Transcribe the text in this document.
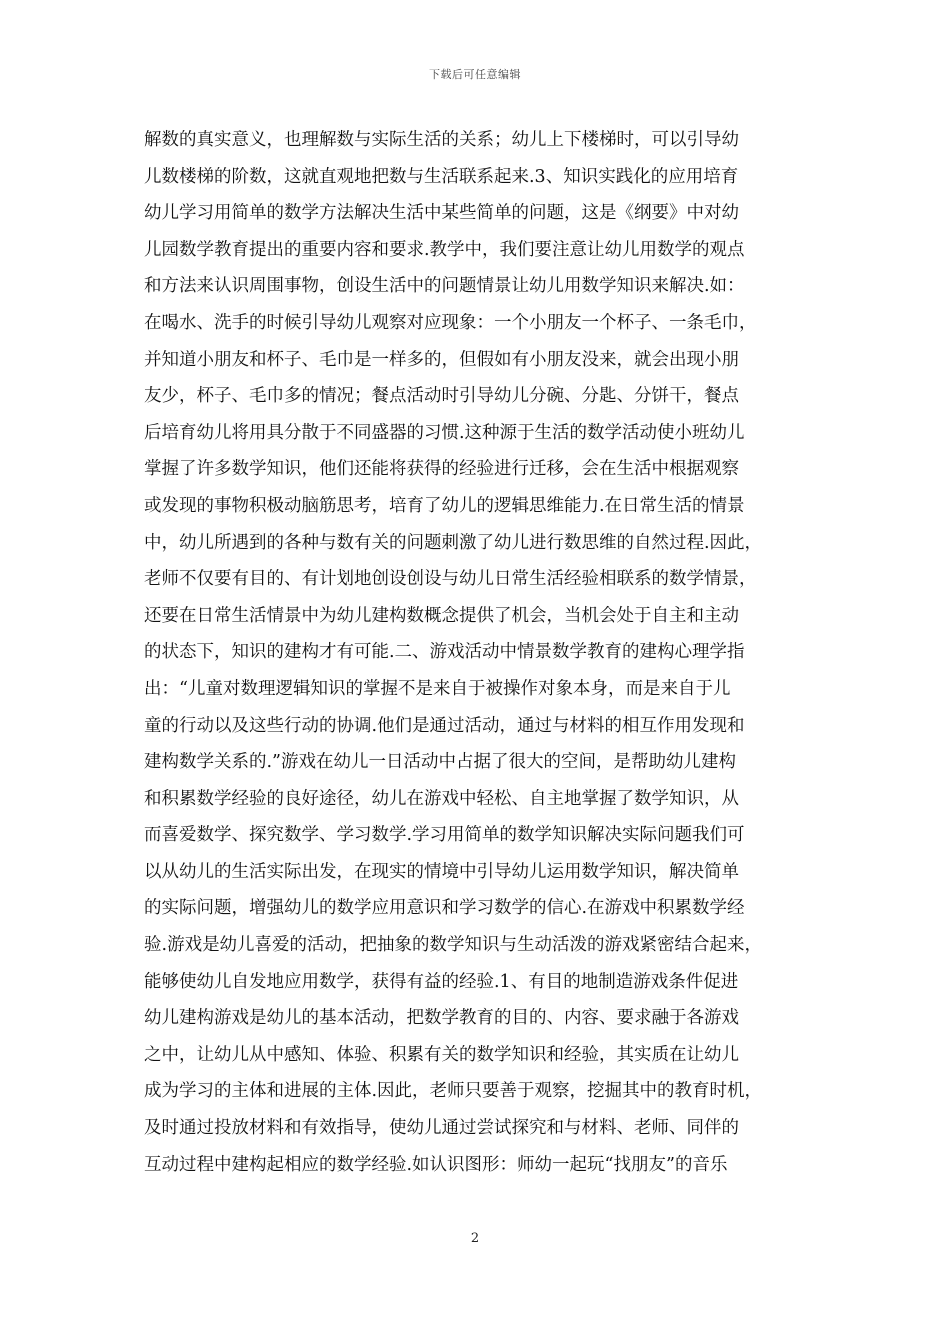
下载后可任意编辑
解数的真实意义，也理解数与实际生活的关系；幼儿上下楼梯时，可以引导幼
儿数楼梯的阶数，这就直观地把数与生活联系起来.3、知识实践化的应用培育
幼儿学习用简单的数学方法解决生活中某些简单的问题，这是《纲要》中对幼
儿园数学教育提出的重要内容和要求.教学中，我们要注意让幼儿用数学的观点
和方法来认识周围事物，创设生活中的问题情景让幼儿用数学知识来解决.如：
在喝水、洗手的时候引导幼儿观察对应现象：一个小朋友一个杯子、一条毛巾，
并知道小朋友和杯子、毛巾是一样多的，但假如有小朋友没来，就会出现小朋
友少，杯子、毛巾多的情况；餐点活动时引导幼儿分碗、分匙、分饼干，餐点
后培育幼儿将用具分散于不同盛器的习惯.这种源于生活的数学活动使小班幼儿
掌握了许多数学知识，他们还能将获得的经验进行迁移，会在生活中根据观察
或发现的事物积极动脑筋思考，培育了幼儿的逻辑思维能力.在日常生活的情景
中，幼儿所遇到的各种与数有关的问题刺激了幼儿进行数思维的自然过程.因此，
老师不仅要有目的、有计划地创设创设与幼儿日常生活经验相联系的数学情景，
还要在日常生活情景中为幼儿建构数概念提供了机会，当机会处于自主和主动
的状态下，知识的建构才有可能.二、游戏活动中情景数学教育的建构心理学指
出：“儿童对数理逻辑知识的掌握不是来自于被操作对象本身，而是来自于儿
童的行动以及这些行动的协调.他们是通过活动，通过与材料的相互作用发现和
建构数学关系的.”游戏在幼儿一日活动中占据了很大的空间，是帮助幼儿建构
和积累数学经验的良好途径，幼儿在游戏中轻松、自主地掌握了数学知识，从
而喜爱数学、探究数学、学习数学.学习用简单的数学知识解决实际问题我们可
以从幼儿的生活实际出发，在现实的情境中引导幼儿运用数学知识，解决简单
的实际问题，增强幼儿的数学应用意识和学习数学的信心.在游戏中积累数学经
验.游戏是幼儿喜爱的活动，把抽象的数学知识与生动活泼的游戏紧密结合起来，
能够使幼儿自发地应用数学，获得有益的经验.1、有目的地制造游戏条件促进
幼儿建构游戏是幼儿的基本活动，把数学教育的目的、内容、要求融于各游戏
之中，让幼儿从中感知、体验、积累有关的数学知识和经验，其实质在让幼儿
成为学习的主体和进展的主体.因此，老师只要善于观察，挖掘其中的教育时机，
及时通过投放材料和有效指导，使幼儿通过尝试探究和与材料、老师、同伴的
互动过程中建构起相应的数学经验.如认识图形：师幼一起玩“找朋友”的音乐
2
